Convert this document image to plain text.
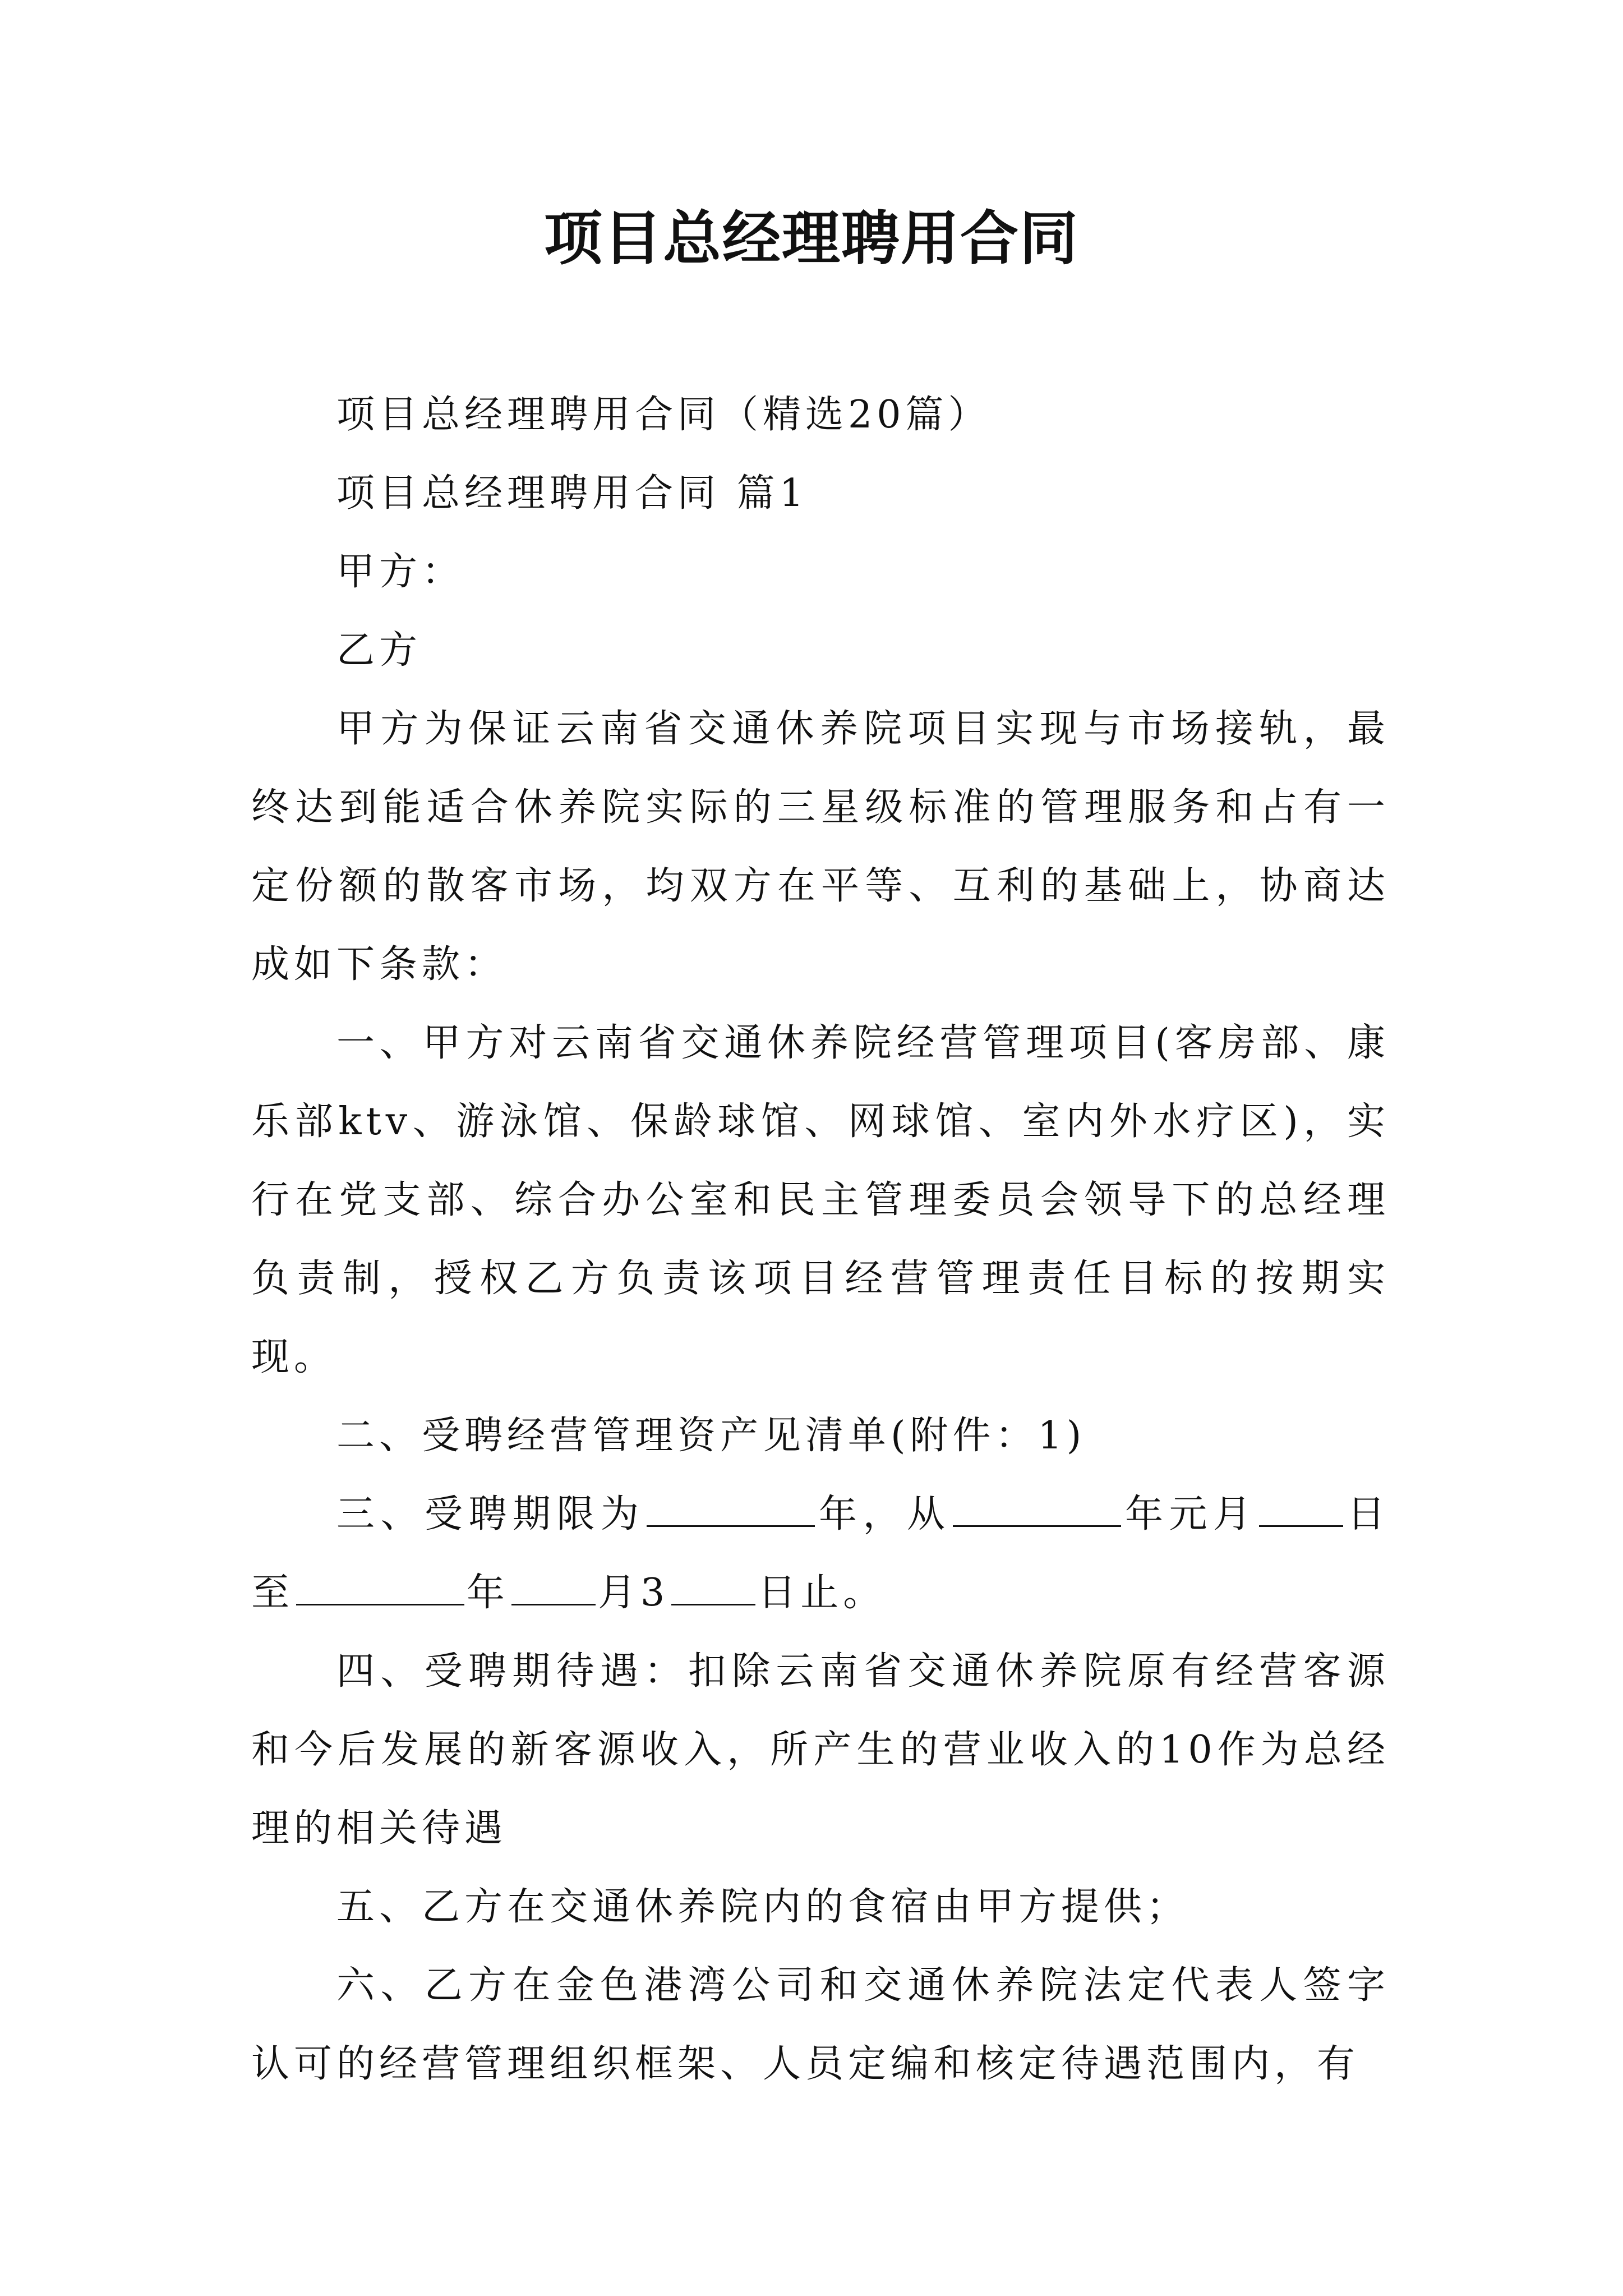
项目总经理聘用合同

项目总经理聘用合同（精选20篇）

项目总经理聘用合同 篇1

甲方：

乙方

甲方为保证云南省交通休养院项目实现与市场接轨，最终达到能适合休养院实际的三星级标准的管理服务和占有一定份额的散客市场，均双方在平等、互利的基础上，协商达成如下条款：

一、甲方对云南省交通休养院经营管理项目(客房部、康乐部ktv、游泳馆、保龄球馆、网球馆、室内外水疗区)，实行在党支部、综合办公室和民主管理委员会领导下的总经理负责制，授权乙方负责该项目经营管理责任目标的按期实现。

二、受聘经营管理资产见清单(附件：1)

三、受聘期限为	年，从	年元月 日至	年 月3 日止。

四、受聘期待遇：扣除云南省交通休养院原有经营客源和今后发展的新客源收入，所产生的营业收入的10作为总经理的相关待遇

五、乙方在交通休养院内的食宿由甲方提供；

六、乙方在金色港湾公司和交通休养院法定代表人签字认可的经营管理组织框架、人员定编和核定待遇范围内，有
